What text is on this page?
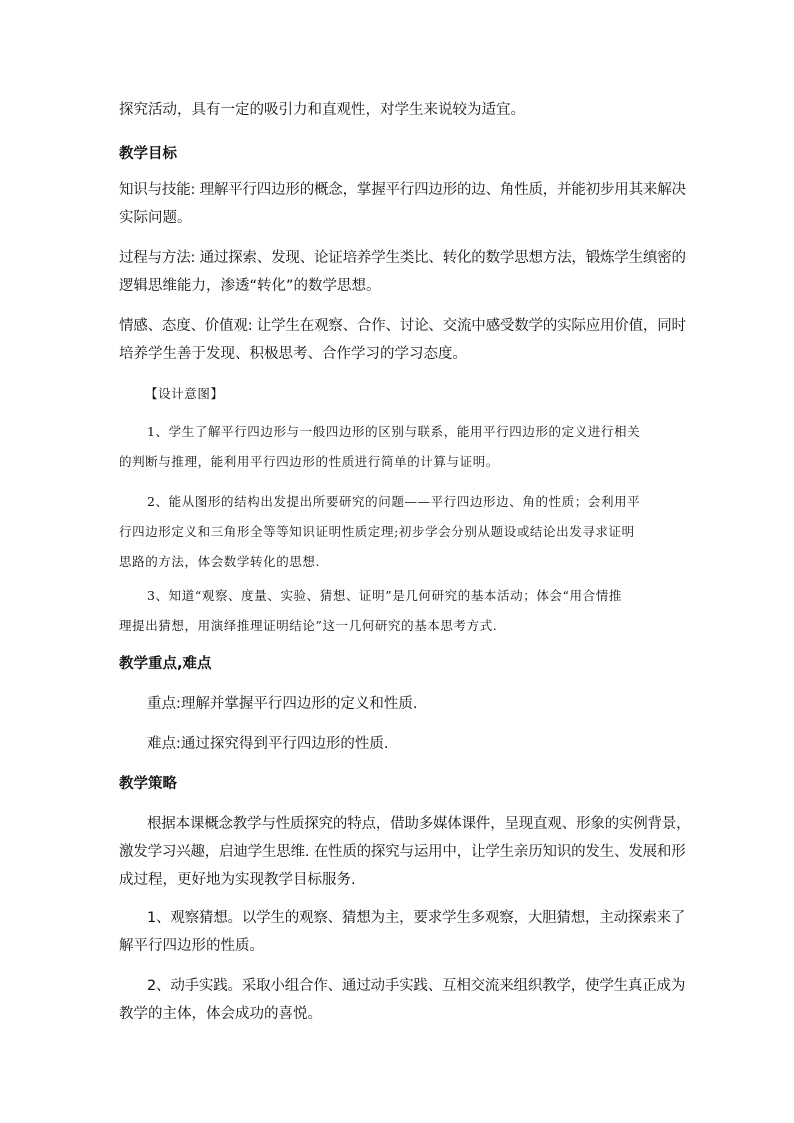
探究活动，具有一定的吸引力和直观性，对学生来说较为适宜。
教学目标
知识与技能: 理解平行四边形的概念，掌握平行四边形的边、角性质，并能初步用其来解决
实际问题。
过程与方法: 通过探索、发现、论证培养学生类比、转化的数学思想方法，锻炼学生缜密的
逻辑思维能力，渗透“转化”的数学思想。
情感、态度、价值观: 让学生在观察、合作、讨论、交流中感受数学的实际应用价值，同时
培养学生善于发现、积极思考、合作学习的学习态度。
【设计意图】
1、学生了解平行四边形与一般四边形的区别与联系，能用平行四边形的定义进行相关
的判断与推理，能利用平行四边形的性质进行简单的计算与证明。
2、能从图形的结构出发提出所要研究的问题——平行四边形边、角的性质；会利用平
行四边形定义和三角形全等等知识证明性质定理;初步学会分别从题设或结论出发寻求证明
思路的方法，体会数学转化的思想.
3、知道“观察、度量、实验、猜想、证明”是几何研究的基本活动；体会“用合情推
理提出猜想，用演绎推理证明结论”这一几何研究的基本思考方式.
教学重点,难点
重点:理解并掌握平行四边形的定义和性质.
难点:通过探究得到平行四边形的性质.
教学策略
根据本课概念教学与性质探究的特点，借助多媒体课件，呈现直观、形象的实例背景，
激发学习兴趣，启迪学生思维. 在性质的探究与运用中，让学生亲历知识的发生、发展和形
成过程，更好地为实现教学目标服务.
1、观察猜想。以学生的观察、猜想为主，要求学生多观察，大胆猜想，主动探索来了
解平行四边形的性质。
2、动手实践。采取小组合作、通过动手实践、互相交流来组织教学，使学生真正成为
教学的主体，体会成功的喜悦。
